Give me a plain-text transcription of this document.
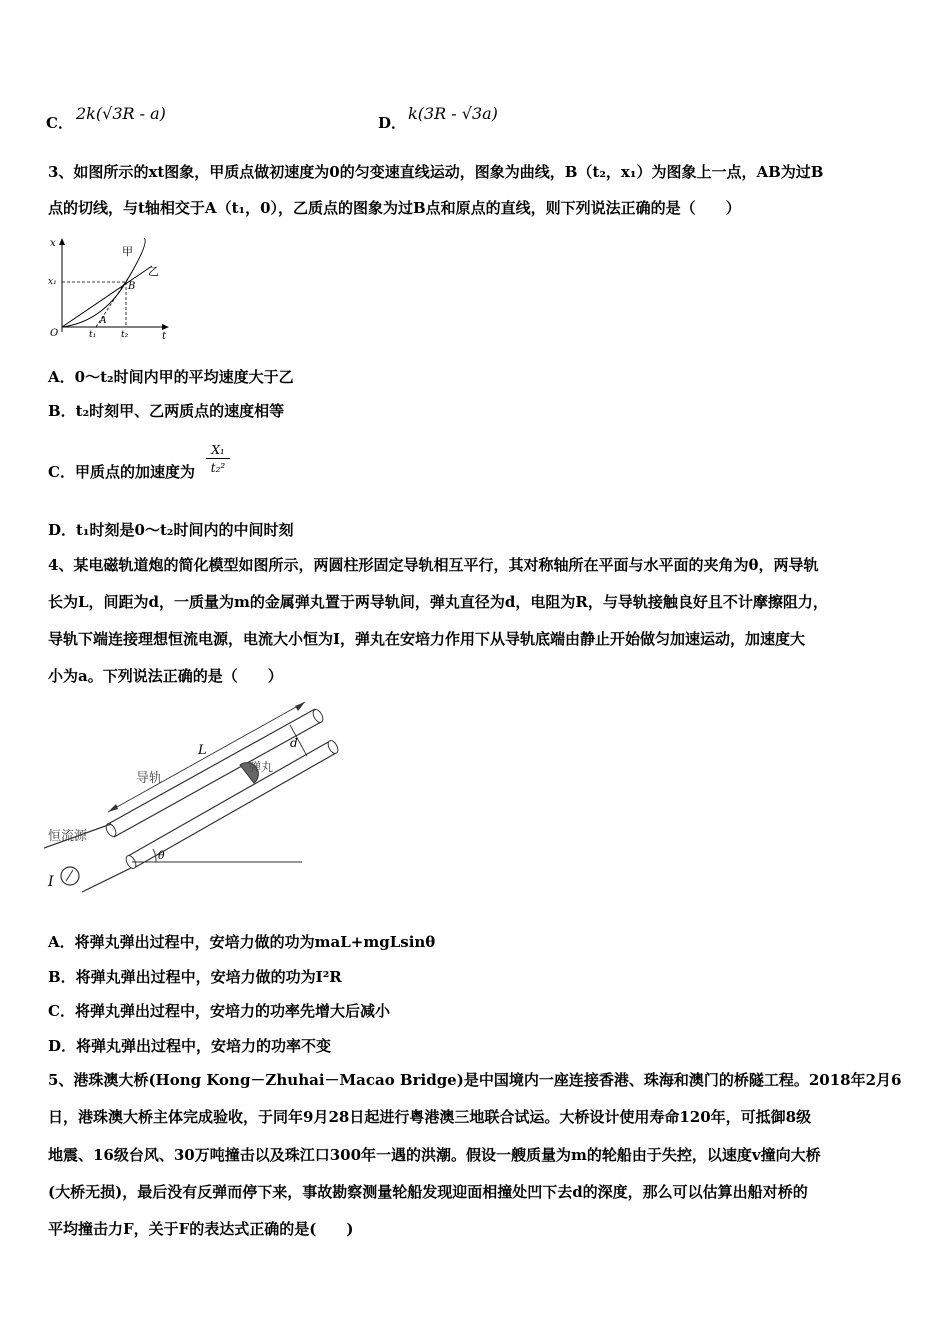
C． 2k(√3R - a)	D． k(3R - √3a)
3、如图所示的xt图象，甲质点做初速度为0的匀变速直线运动，图象为曲线，B（t₂，x₁）为图象上一点，AB为过B
点的切线，与t轴相交于A（t₁，0），乙质点的图象为过B点和原点的直线，则下列说法正确的是（　　）
x
x₁
O	t₁	t₂	t
甲
乙
B
A
A．0～t₂时间内甲的平均速度大于乙
B．t₂时刻甲、乙两质点的速度相等
C．甲质点的加速度为 $\frac{\text{X₁}}{\text{t₂²}}$
D．t₁时刻是0～t₂时间内的中间时刻
4、某电磁轨道炮的简化模型如图所示，两圆柱形固定导轨相互平行，其对称轴所在平面与水平面的夹角为θ，两导轨
长为L，间距为d，一质量为m的金属弹丸置于两导轨间，弹丸直径为d，电阻为R，与导轨接触良好且不计摩擦阻力，
导轨下端连接理想恒流电源，电流大小恒为I，弹丸在安培力作用下从导轨底端由静止开始做匀加速运动，加速度大
小为a。下列说法正确的是（　　）
L	d
导轨
弹丸
恒流源
I
θ
A．将弹丸弹出过程中，安培力做的功为maL+mgLsinθ
B．将弹丸弹出过程中，安培力做的功为I²R
C．将弹丸弹出过程中，安培力的功率先增大后减小
D．将弹丸弹出过程中，安培力的功率不变
5、港珠澳大桥(Hong Kong－Zhuhai－Macao Bridge)是中国境内一座连接香港、珠海和澳门的桥隧工程。2018年2月6
日，港珠澳大桥主体完成验收，于同年9月28日起进行粤港澳三地联合试运。大桥设计使用寿命120年，可抵御8级
地震、16级台风、30万吨撞击以及珠江口300年一遇的洪潮。假设一艘质量为m的轮船由于失控，以速度v撞向大桥
(大桥无损)，最后没有反弹而停下来，事故勘察测量轮船发现迎面相撞处凹下去d的深度，那么可以估算出船对桥的
平均撞击力F，关于F的表达式正确的是(　　)
